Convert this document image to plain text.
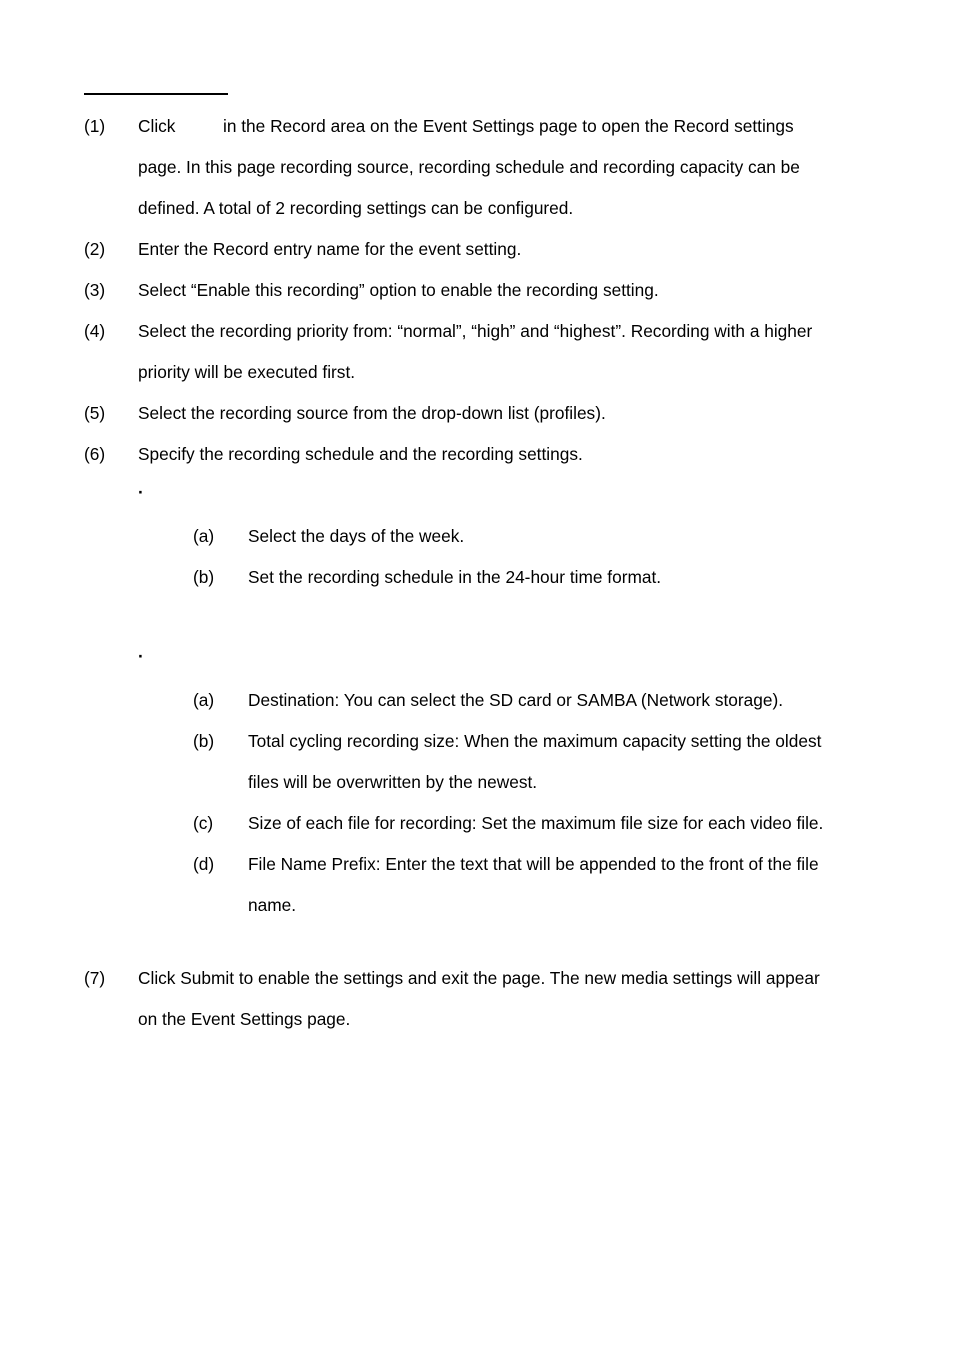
(1) Click	in the Record area on the Event Settings page to open the Record settings
page. In this page recording source, recording schedule and recording capacity can be
defined. A total of 2 recording settings can be configured.
(2) Enter the Record entry name for the event setting.
(3) Select “Enable this recording” option to enable the recording setting.
(4) Select the recording priority from: “normal”, “high” and “highest”. Recording with a higher
priority will be executed first.
(5) Select the recording source from the drop-down list (profiles).
(6) Specify the recording schedule and the recording settings.
·
(a) Select the days of the week.
(b) Set the recording schedule in the 24-hour time format.
·
(a) Destination: You can select the SD card or SAMBA (Network storage).
(b) Total cycling recording size: When the maximum capacity setting the oldest
files will be overwritten by the newest.
(c) Size of each file for recording: Set the maximum file size for each video file.
(d) File Name Prefix: Enter the text that will be appended to the front of the file
name.
(7) Click Submit to enable the settings and exit the page. The new media settings will appear
on the Event Settings page.
